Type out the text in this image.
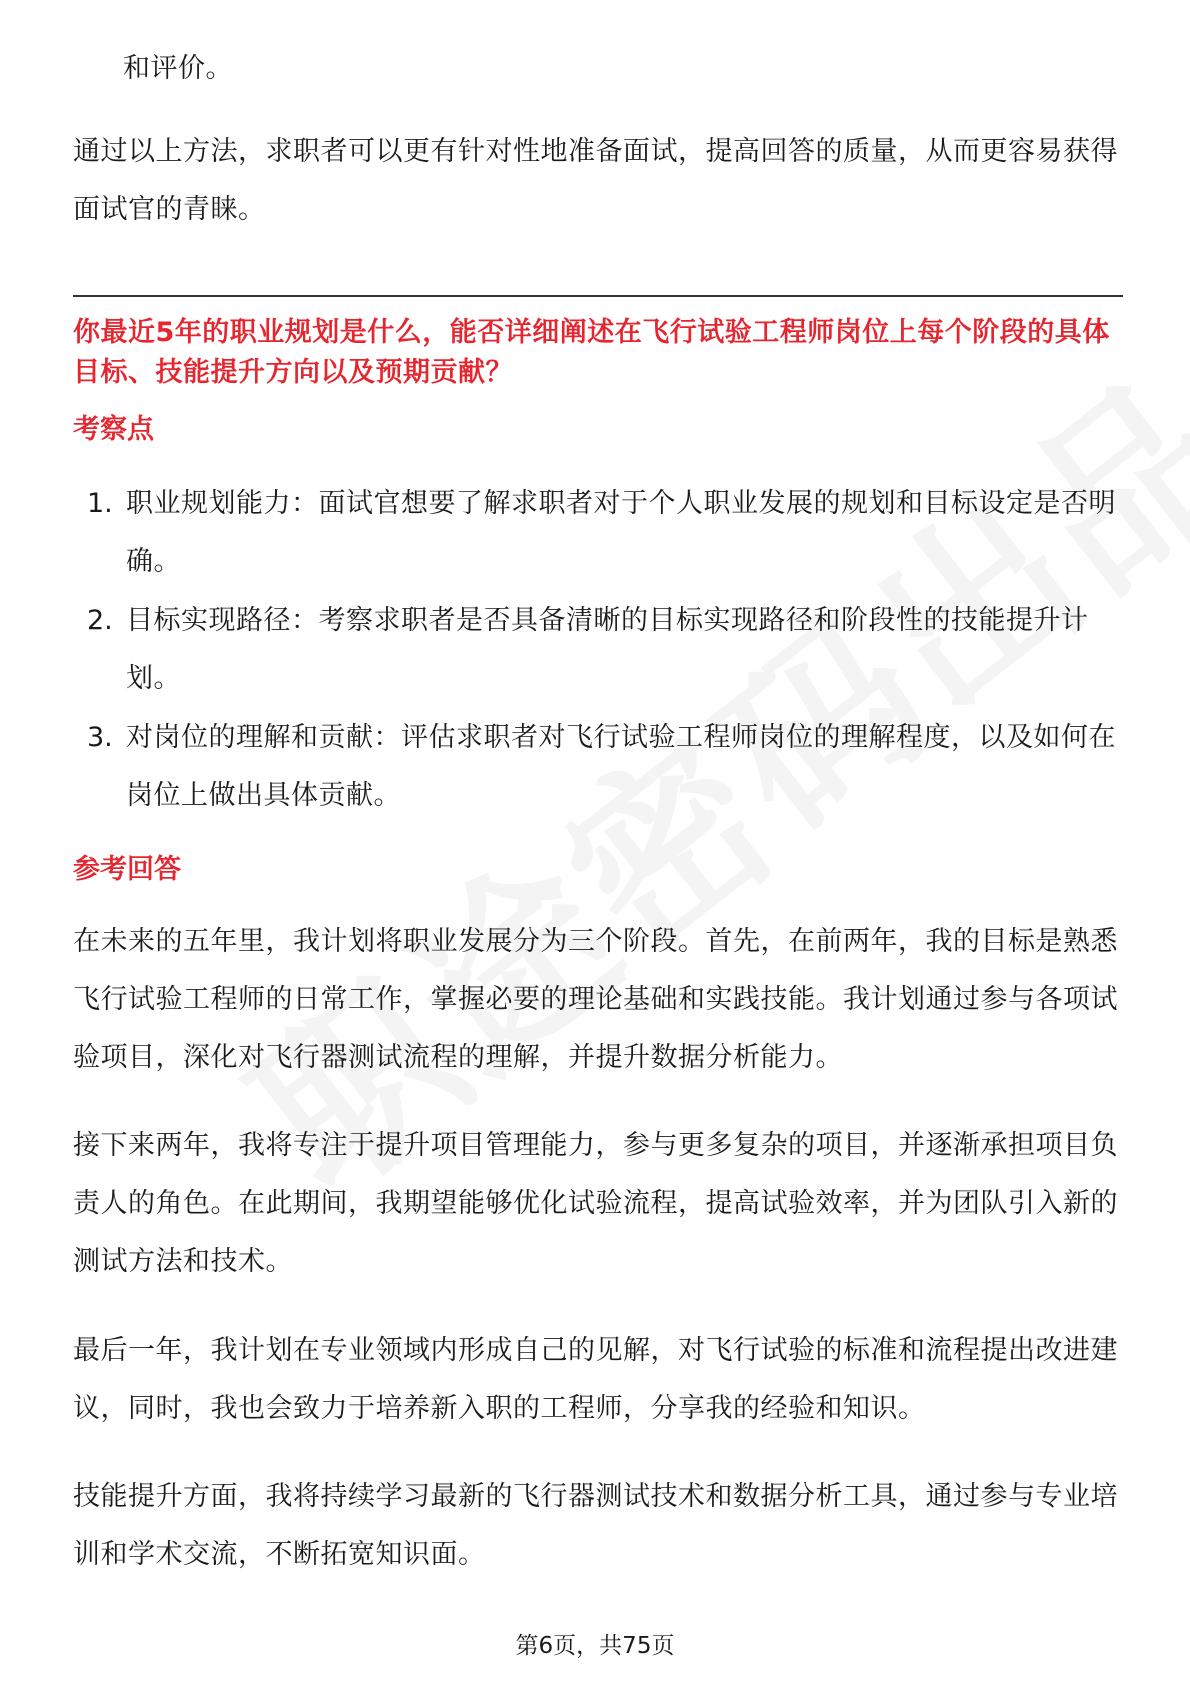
和评价。

通过以上方法，求职者可以更有针对性地准备面试，提高回答的质量，从而更容易获得面试官的青睐。

你最近5年的职业规划是什么，能否详细阐述在飞行试验工程师岗位上每个阶段的具体目标、技能提升方向以及预期贡献？

考察点

1. 职业规划能力：面试官想要了解求职者对于个人职业发展的规划和目标设定是否明确。
2. 目标实现路径：考察求职者是否具备清晰的目标实现路径和阶段性的技能提升计划。
3. 对岗位的理解和贡献：评估求职者对飞行试验工程师岗位的理解程度，以及如何在岗位上做出具体贡献。

参考回答

在未来的五年里，我计划将职业发展分为三个阶段。首先，在前两年，我的目标是熟悉飞行试验工程师的日常工作，掌握必要的理论基础和实践技能。我计划通过参与各项试验项目，深化对飞行器测试流程的理解，并提升数据分析能力。

接下来两年，我将专注于提升项目管理能力，参与更多复杂的项目，并逐渐承担项目负责人的角色。在此期间，我期望能够优化试验流程，提高试验效率，并为团队引入新的测试方法和技术。

最后一年，我计划在专业领域内形成自己的见解，对飞行试验的标准和流程提出改进建议，同时，我也会致力于培养新入职的工程师，分享我的经验和知识。

技能提升方面，我将持续学习最新的飞行器测试技术和数据分析工具，通过参与专业培训和学术交流，不断拓宽知识面。

第6页，共75页
